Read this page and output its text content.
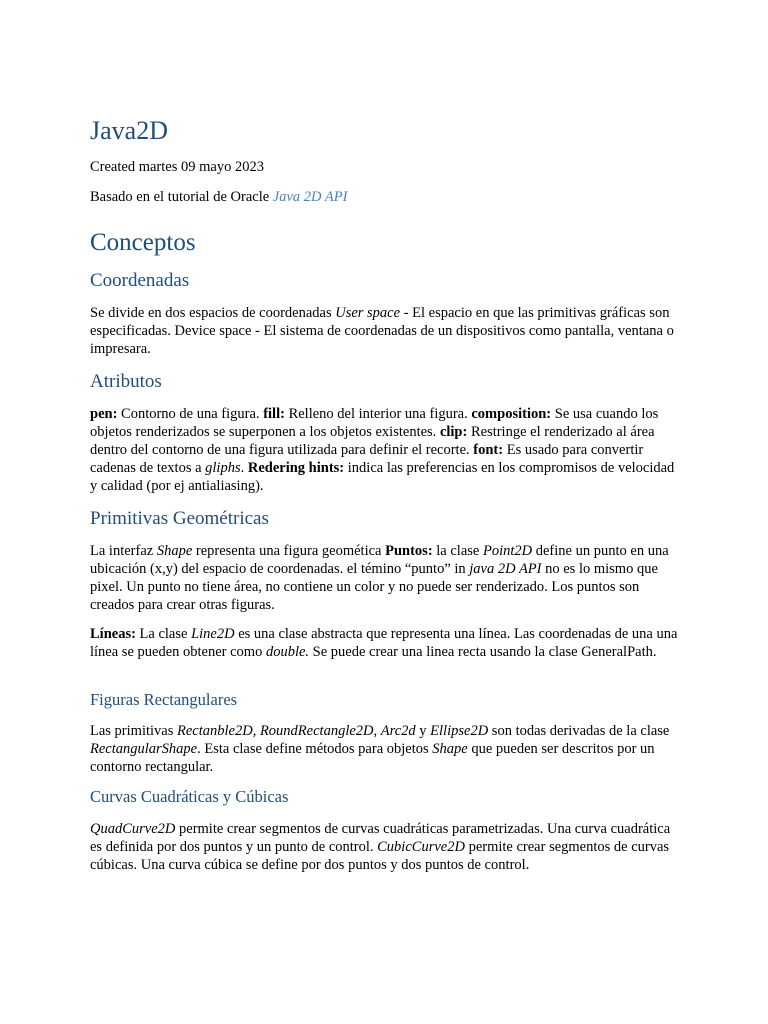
Java2D

Created martes 09 mayo 2023

Basado en el tutorial de Oracle Java 2D API

Conceptos
Coordenadas

Se divide en dos espacios de coordenadas User space - El espacio en que las primitivas gráficas son especificadas. Device space - El sistema de coordenadas de un dispositivos como pantalla, ventana o impresara.

Atributos

pen: Contorno de una figura. fill: Relleno del interior una figura. composition: Se usa cuando los objetos renderizados se superponen a los objetos existentes. clip: Restringe el renderizado al área dentro del contorno de una figura utilizada para definir el recorte. font: Es usado para convertir cadenas de textos a gliphs. Redering hints: indica las preferencias en los compromisos de velocidad y calidad (por ej antialiasing).

Primitivas Geométricas

La interfaz Shape representa una figura geomética Puntos: la clase Point2D define un punto en una ubicación (x,y) del espacio de coordenadas. el témino “punto” in java 2D API no es lo mismo que pixel. Un punto no tiene área, no contiene un color y no puede ser renderizado. Los puntos son creados para crear otras figuras.

Líneas: La clase Line2D es una clase abstracta que representa una línea. Las coordenadas de una una línea se pueden obtener como double. Se puede crear una linea recta usando la clase GeneralPath.

Figuras Rectangulares

Las primitivas Rectanble2D, RoundRectangle2D, Arc2d y Ellipse2D son todas derivadas de la clase RectangularShape. Esta clase define métodos para objetos Shape que pueden ser descritos por un contorno rectangular.

Curvas Cuadráticas y Cúbicas

QuadCurve2D permite crear segmentos de curvas cuadráticas parametrizadas. Una curva cuadrática es definida por dos puntos y un punto de control. CubicCurve2D permite crear segmentos de curvas cúbicas. Una curva cúbica se define por dos puntos y dos puntos de control.
